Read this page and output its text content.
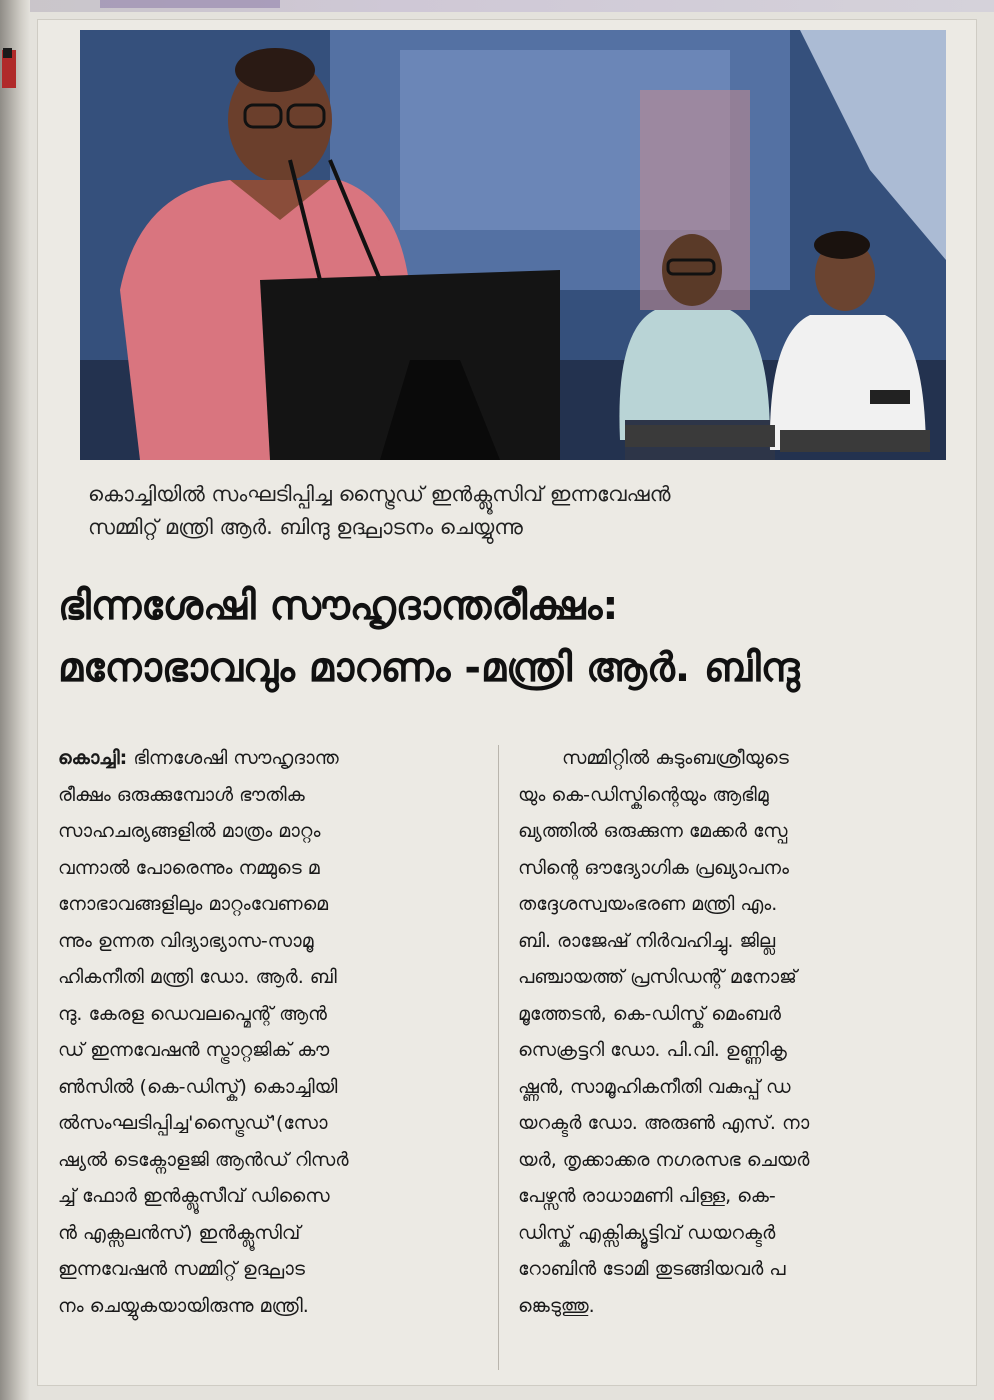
കൊച്ചിയിൽ സംഘടിപ്പിച്ച സ്ട്രൈഡ് ഇൻക്ലൂസിവ് ഇന്നവേഷൻ
സമ്മിറ്റ് മന്ത്രി ആർ. ബിന്ദു ഉദ്ഘാടനം ചെയ്യുന്നു

ഭിന്നശേഷി സൗഹൃദാന്തരീക്ഷം:
മനോഭാവവും മാറണം -മന്ത്രി ആർ. ബിന്ദു
കൊച്ചി: ഭിന്നശേഷി സൗഹൃദാന്ത
രീക്ഷം ഒരുക്കുമ്പോൾ ഭൗതിക
സാഹചര്യങ്ങളിൽ മാത്രം മാറ്റം
വന്നാൽ പോരെന്നും നമ്മുടെ മ
നോഭാവങ്ങളിലും മാറ്റംവേണമെ
ന്നും ഉന്നത വിദ്യാഭ്യാസ-സാമൂ
ഹികനീതി മന്ത്രി ഡോ. ആർ. ബി
ന്ദു. കേരള ഡെവലപ്മെന്റ് ആൻ
ഡ് ഇന്നവേഷൻ സ്ട്രാറ്റജിക് കൗ
ൺസിൽ (കെ-ഡിസ്ക്) കൊച്ചിയി
ൽസംഘടിപ്പിച്ച'സ്ട്രൈഡ്'(സോ
ഷ്യൽ ടെക്നോളജി ആൻഡ് റിസർ
ച്ച് ഫോർ ഇൻക്ലൂസീവ് ഡിസൈ
ൻ എക്സലൻസ്) ഇൻക്ലൂസിവ്
ഇന്നവേഷൻ സമ്മിറ്റ് ഉദ്ഘാട
നം ചെയ്യുകയായിരുന്നു മന്ത്രി.
സമ്മിറ്റിൽ കുടുംബശ്രീയുടെ
യും കെ-ഡിസ്കിന്റെയും ആഭിമു
ഖ്യത്തിൽ ഒരുക്കുന്ന മേക്കർ സ്പേ
സിന്റെ ഔദ്യോഗിക പ്രഖ്യാപനം
തദ്ദേശസ്വയംഭരണ മന്ത്രി എം.
ബി. രാജേഷ് നിർവഹിച്ചു. ജില്ല
പഞ്ചായത്ത് പ്രസിഡന്റ് മനോജ്
മൂത്തേടൻ, കെ-ഡിസ്ക് മെംബർ
സെക്രട്ടറി ഡോ. പി.വി. ഉണ്ണികൃ
ഷ്ണൻ, സാമൂഹികനീതി വകുപ്പ് ഡ
യറക്ടർ ഡോ. അരുൺ എസ്. നാ
യർ, തൃക്കാക്കര നഗരസഭ ചെയർ
പേഴ്സൻ രാധാമണി പിള്ള, കെ-
ഡിസ്ക് എക്സിക്യൂട്ടിവ് ഡയറക്ടർ
റോബിൻ ടോമി തുടങ്ങിയവർ പ
ങ്കെടുത്തു.
